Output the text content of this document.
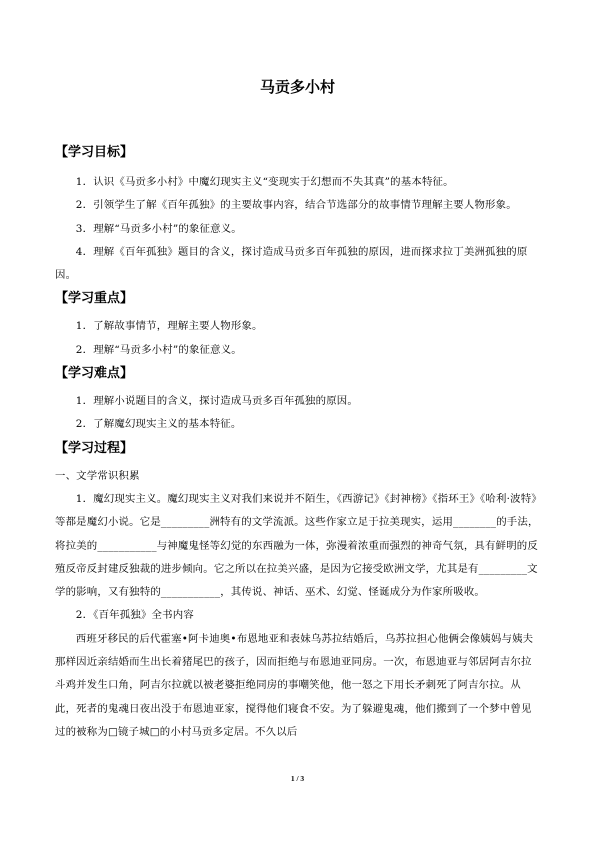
马贡多小村
【学习目标】

1．认识《马贡多小村》中魔幻现实主义“变现实于幻想而不失其真”的基本特征。

2．引领学生了解《百年孤独》的主要故事内容，结合节选部分的故事情节理解主要人物形象。

3．理解“马贡多小村”的象征意义。

4．理解《百年孤独》题目的含义，探讨造成马贡多百年孤独的原因，进而探求拉丁美洲孤独的原因。

【学习重点】

1．了解故事情节，理解主要人物形象。

2．理解“马贡多小村”的象征意义。

【学习难点】

1．理解小说题目的含义，探讨造成马贡多百年孤独的原因。

2．了解魔幻现实主义的基本特征。

【学习过程】

一、文学常识积累

1．魔幻现实主义。魔幻现实主义对我们来说并不陌生，《西游记》《封神榜》《指环王》《哈利·波特》等都是魔幻小说。它是_________洲特有的文学流派。这些作家立足于拉美现实，运用________的手法，将拉美的___________与神魔鬼怪等幻觉的东西融为一体，弥漫着浓重而强烈的神奇气氛，具有鲜明的反殖反帝反封建反独裁的进步倾向。它之所以在拉美兴盛，是因为它接受欧洲文学，尤其是有_________文学的影响，又有独特的___________，其传说、神话、巫术、幻觉、怪诞成分为作家所吸收。

2．《百年孤独》全书内容

西班牙移民的后代霍塞•阿卡迪奥•布恩地亚和表妹乌苏拉结婚后，乌苏拉担心他俩会像姨妈与姨夫那样因近亲结婚而生出长着猪尾巴的孩子，因而拒绝与布恩迪亚同房。一次，布恩迪亚与邻居阿吉尔拉斗鸡并发生口角，阿吉尔拉就以被老婆拒绝同房的事嘲笑他，他一怒之下用长矛刺死了阿吉尔拉。从此，死者的鬼魂日夜出没于布恩迪亚家，搅得他们寝食不安。为了躲避鬼魂，他们搬到了一个梦中曾见过的被称为□镜子城□的小村马贡多定居。不久以后

1 / 3
